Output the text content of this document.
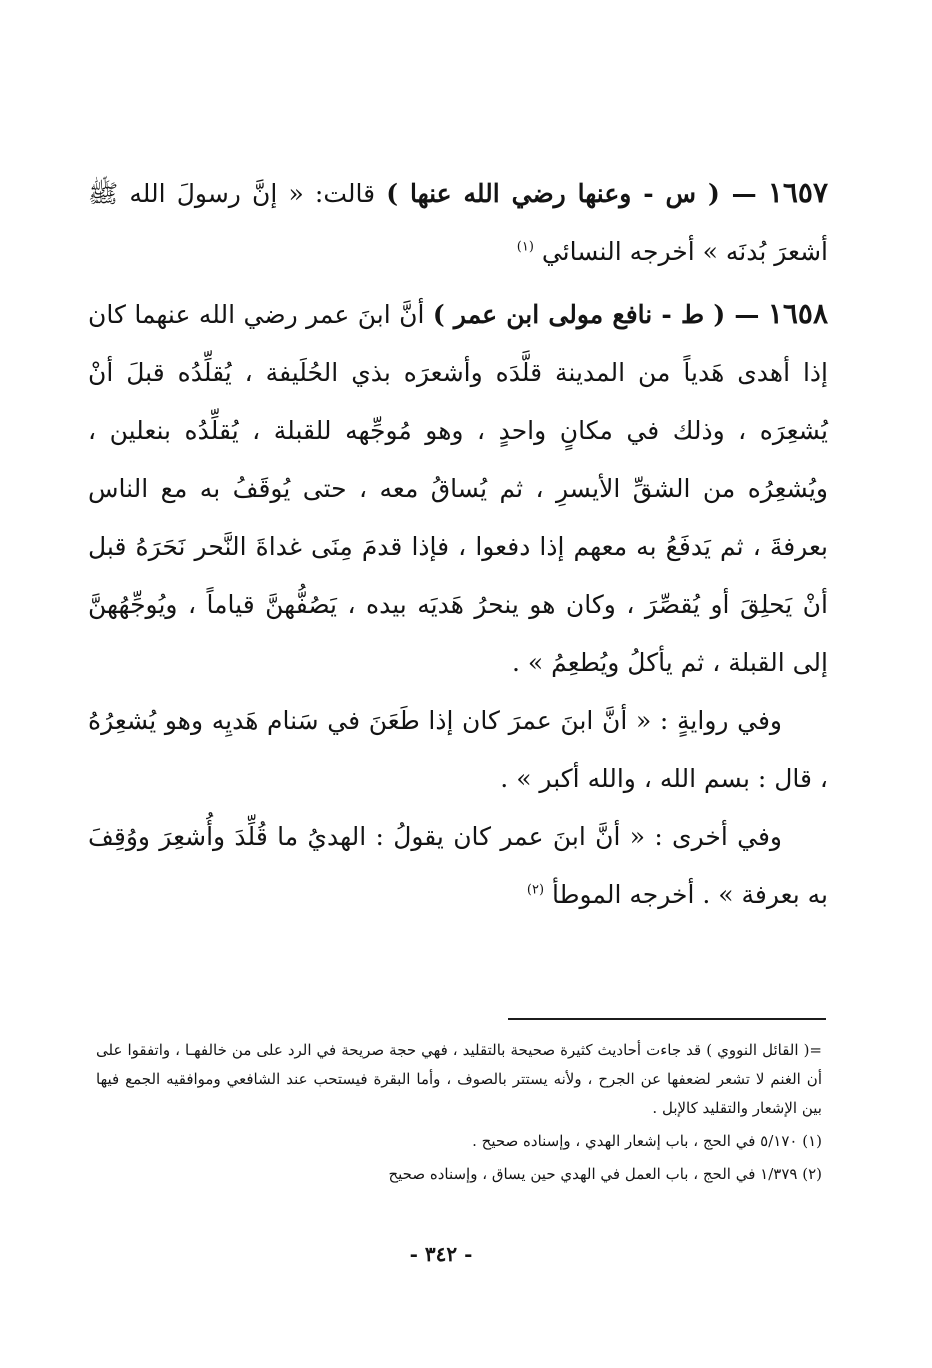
١٦٥٧ — ( س - وعنها رضي الله عنها ) قالت: « إنَّ رسولَ الله ﷺ أشعرَ بُدنَه » أخرجه النسائي $^{(١)}$

١٦٥٨ — ( ط - نافع مولى ابن عمر ) أنَّ ابنَ عمر رضي الله عنهما كان إذا أهدى هَدياً من المدينة قلَّدَه وأشعرَه بذي الحُلَيفة ، يُقلِّدُه قبلَ أنْ يُشعِرَه ، وذلك في مكانٍ واحدٍ ، وهو مُوجِّهه للقبلة ، يُقلِّدُه بنعلين ، ويُشعِرُه من الشقِّ الأيسرِ ، ثم يُساقُ معه ، حتى يُوقَفُ به مع الناس بعرفةَ ، ثم يَدفَعُ به معهم إذا دفعوا ، فإذا قدمَ مِنَى غداةَ النَّحر نَحَرَهُ قبل أنْ يَحلِقَ أو يُقصِّرَ ، وكان هو ينحرُ هَديَه بيده ، يَصُفُّهنَّ قياماً ، ويُوجِّهُهنَّ إلى القبلة ، ثم يأكلُ ويُطعِمُ » .

وفي روايةٍ : « أنَّ ابنَ عمرَ كان إذا طَعَنَ في سَنام هَديِه وهو يُشعِرُهُ ، قال : بسم الله ، والله أكبر » .

وفي أخرى : « أنَّ ابنَ عمر كان يقولُ : الهديُ ما قُلِّدَ وأُشعِرَ ووُقِفَ به بعرفة » . أخرجه الموطأ $^{(٢)}$

=( القائل النووي ) قد جاءت أحاديث كثيرة صحيحة بالتقليد ، فهي حجة صريحة في الرد على من خالفهـا ، واتفقوا على أن الغنم لا تشعر لضعفها عن الجرح ، ولأنه يستتر بالصوف ، وأما البقرة فيستحب عند الشافعي وموافقيه الجمع فيها بين الإشعار والتقليد كالإبل .

(١) ٥/١٧٠ في الحج ، باب إشعار الهدي ، وإسناده صحيح .

(٢) ١/٣٧٩ في الحج ، باب العمل في الهدي حين يساق ، وإسناده صحيح

- ٣٤٢ -
